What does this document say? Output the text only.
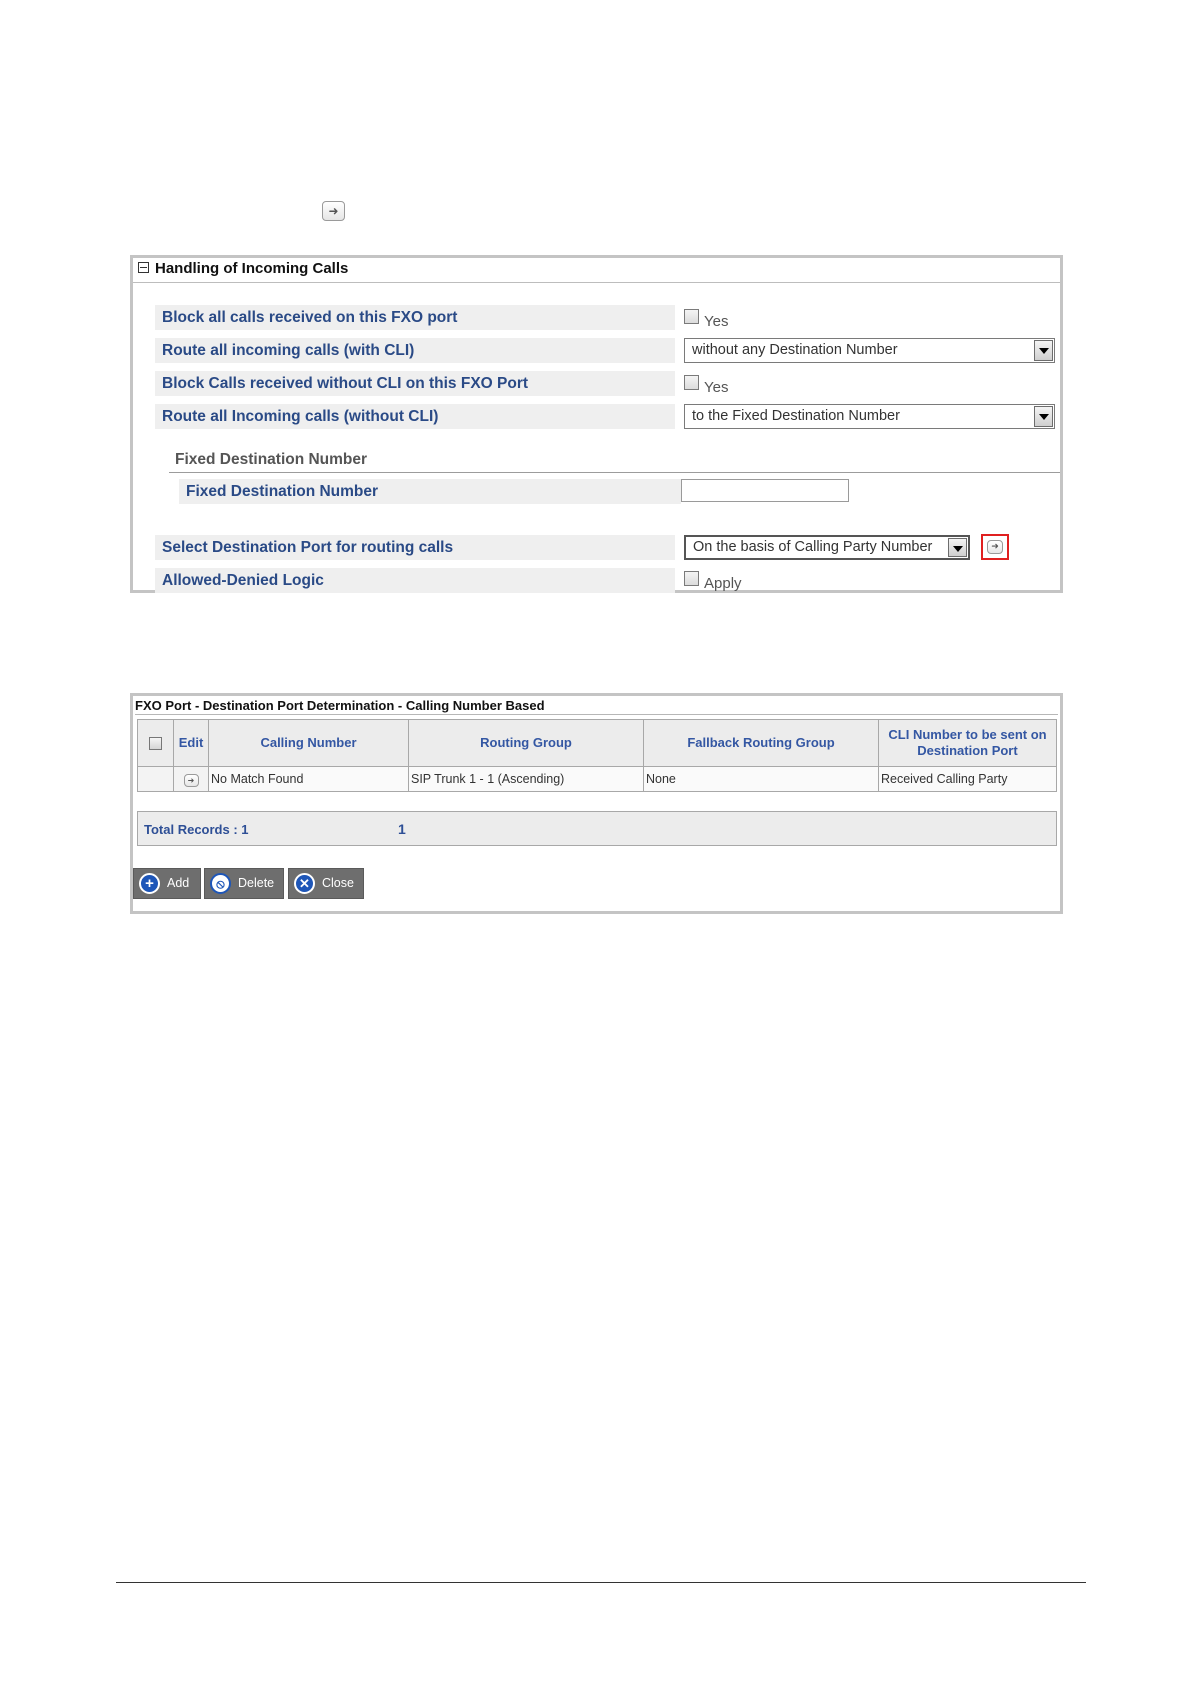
➜
Handling of Incoming Calls
Block all calls received on this FXO port	Yes
Route all incoming calls (with CLI)	without any Destination Number
Block Calls received without CLI on this FXO Port	Yes
Route all Incoming calls (without CLI)	to the Fixed Destination Number
Fixed Destination Number
Fixed Destination Number
Select Destination Port for routing calls	On the basis of Calling Party Number	➜
Allowed-Denied Logic	Apply
FXO Port - Destination Port Determination - Calling Number Based
	Edit	Calling Number	Routing Group	Fallback Routing Group	CLI Number to be sent on Destination Port
	➜	No Match Found	SIP Trunk 1 - 1 (Ascending)	None	Received Calling Party
Total Records : 1	1
+	Add	⦸	Delete	✕ Close
